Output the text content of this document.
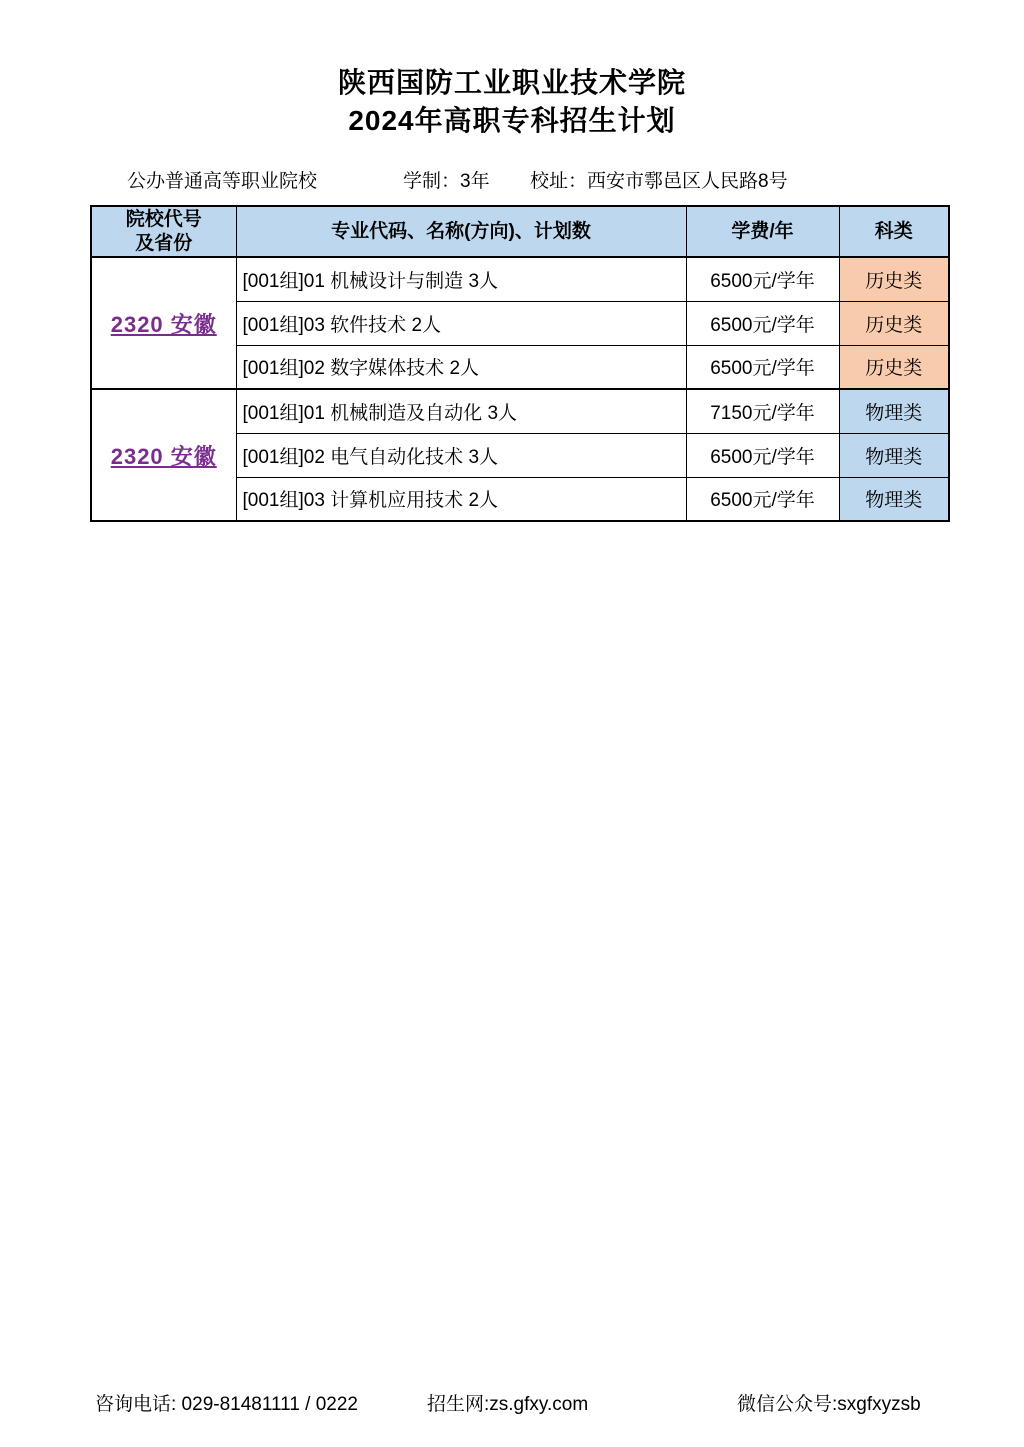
陕西国防工业职业技术学院
2024年高职专科招生计划
公办普通高等职业院校	学制：3年 校址：西安市鄠邑区人民路8号
院校代号
及省份	专业代码、名称(方向)、计划数	学费/年	科类
2320 安徽	[001组]01 机械设计与制造 3人	6500元/学年	历史类
	[001组]03 软件技术 2人	6500元/学年	历史类
	[001组]02 数字媒体技术 2人	6500元/学年	历史类
2320 安徽	[001组]01 机械制造及自动化 3人	7150元/学年	物理类
	[001组]02 电气自动化技术 3人	6500元/学年	物理类
	[001组]03 计算机应用技术 2人	6500元/学年	物理类
咨询电话: 029-81481111 / 0222	招生网:zs.gfxy.com	微信公众号:sxgfxyzsb
